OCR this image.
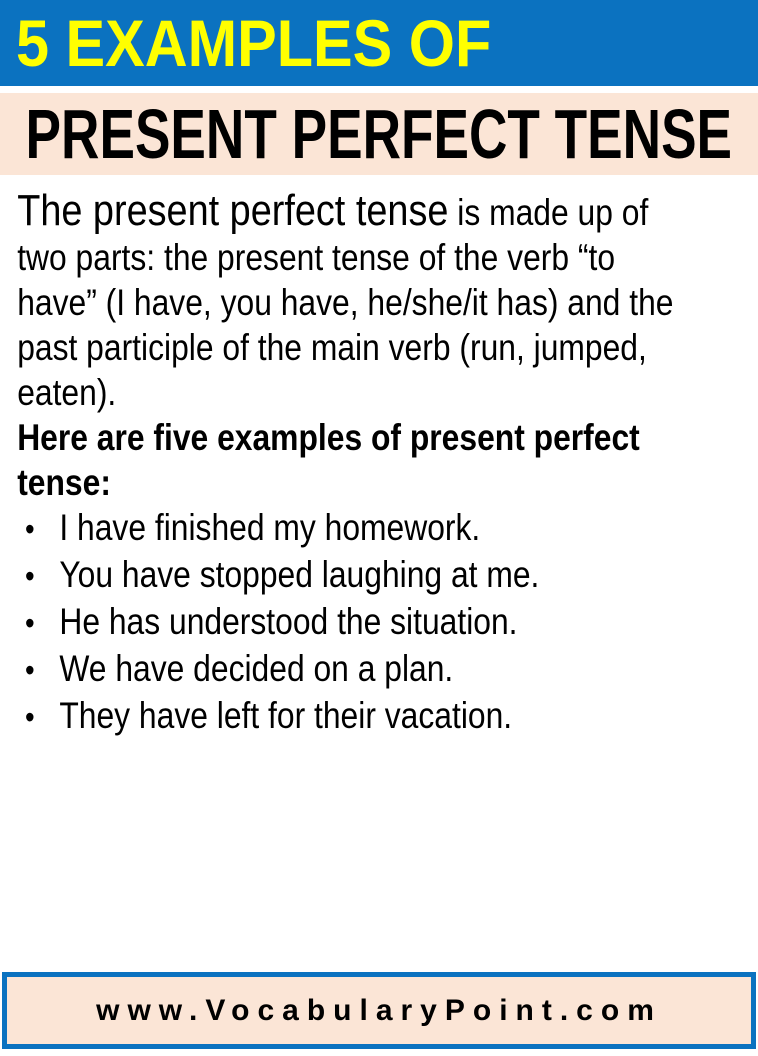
5 EXAMPLES OF
PRESENT PERFECT TENSE

The present perfect tense is made up of

two parts: the present tense of the verb “to

have” (I have, you have, he/she/it has) and the

past participle of the main verb (run, jumped,

eaten).

Here are five examples of present perfect

tense:

• I have finished my homework.
• You have stopped laughing at me.
• He has understood the situation.
• We have decided on a plan.
• They have left for their vacation.
www.VocabularyPoint.com
